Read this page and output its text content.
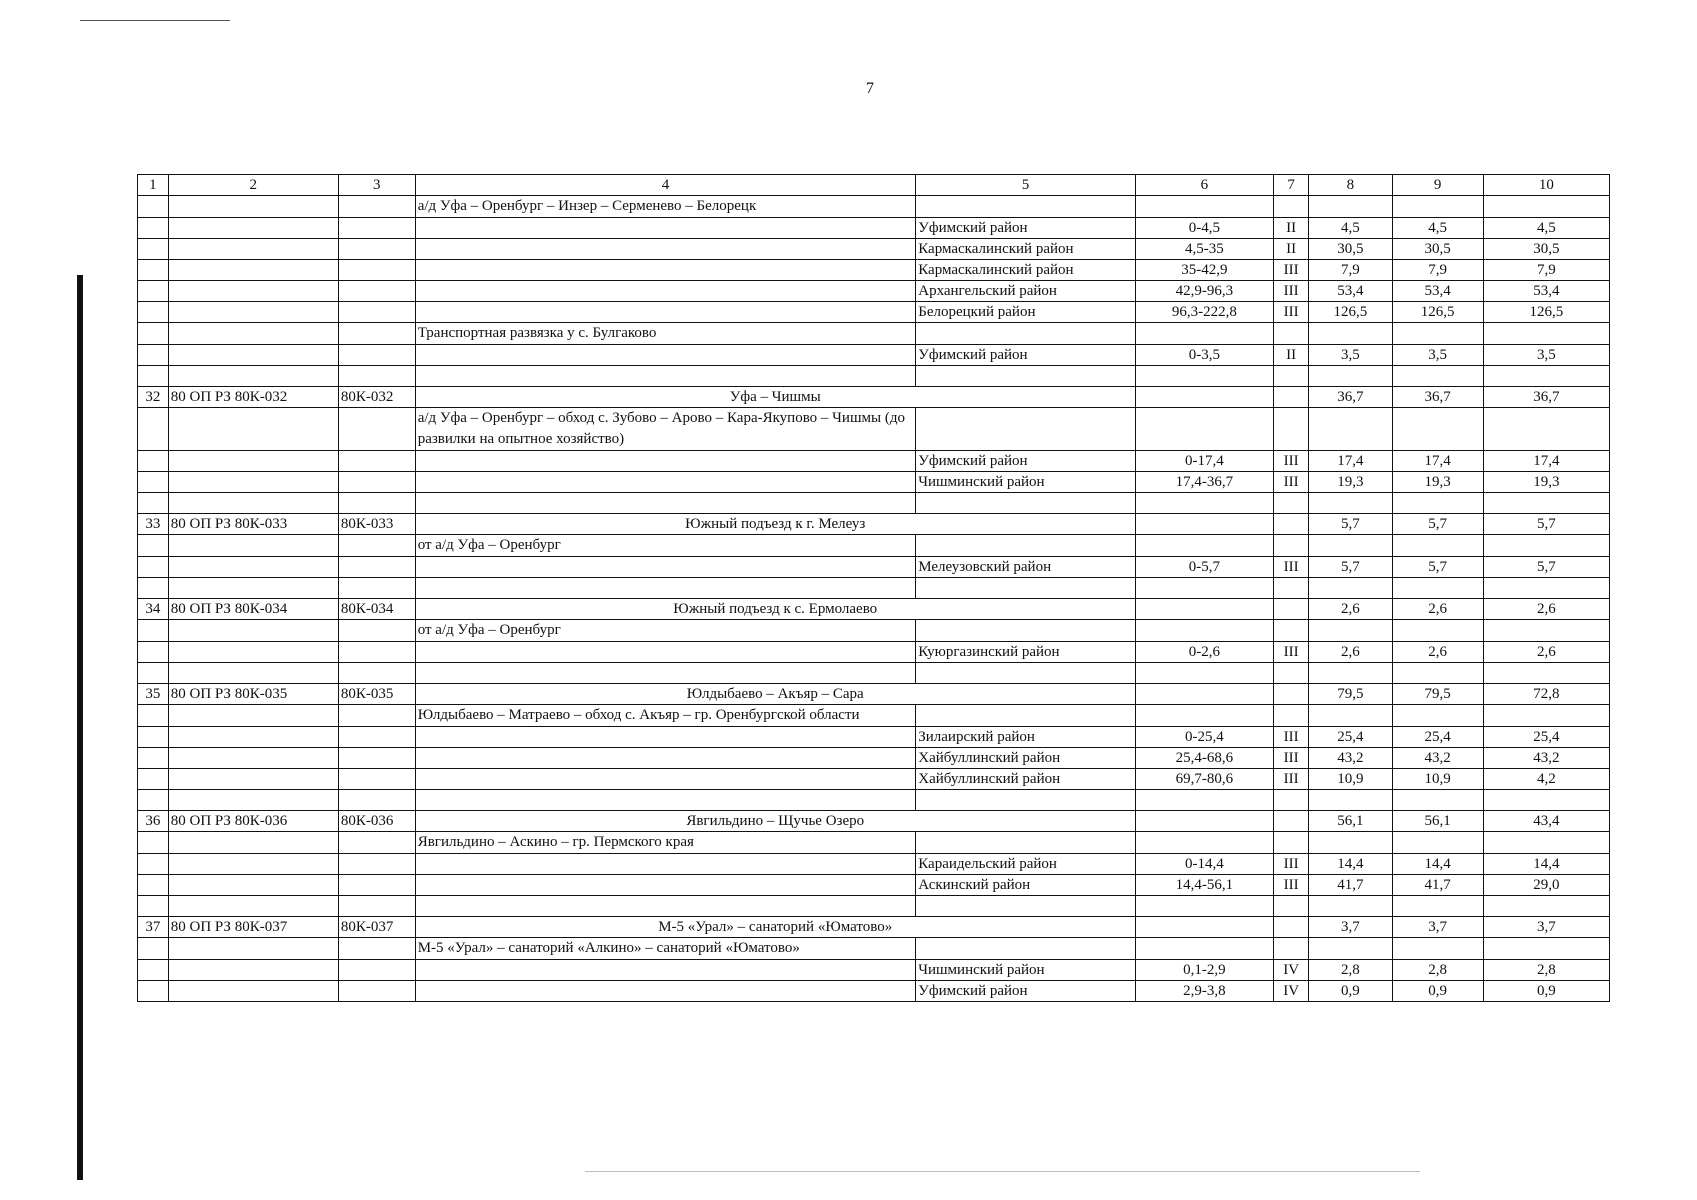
7
1	2	3	4	5	6	7	8	9	10
			а/д Уфа – Оренбург – Инзер – Серменево – Белорецк						
				Уфимский район	0-4,5	II	4,5	4,5	4,5
				Кармаскалинский район	4,5-35	II	30,5	30,5	30,5
				Кармаскалинский район	35-42,9	III	7,9	7,9	7,9
				Архангельский район	42,9-96,3	III	53,4	53,4	53,4
				Белорецкий район	96,3-222,8	III	126,5	126,5	126,5
			Транспортная развязка у с. Булгаково						
				Уфимский район	0-3,5	II	3,5	3,5	3,5

32	80 ОП РЗ 80К-032	80К-032	Уфа – Чишмы				36,7	36,7	36,7
			а/д Уфа – Оренбург – обход с. Зубово – Арово – Кара-Якупово – Чишмы (до развилки на опытное хозяйство)						
				Уфимский район	0-17,4	III	17,4	17,4	17,4
				Чишминский район	17,4-36,7	III	19,3	19,3	19,3

33	80 ОП РЗ 80К-033	80К-033	Южный подъезд к г. Мелеуз				5,7	5,7	5,7
			от а/д Уфа – Оренбург						
				Мелеузовский район	0-5,7	III	5,7	5,7	5,7

34	80 ОП РЗ 80К-034	80К-034	Южный подъезд к с. Ермолаево				2,6	2,6	2,6
			от а/д Уфа – Оренбург						
				Куюргазинский район	0-2,6	III	2,6	2,6	2,6

35	80 ОП РЗ 80К-035	80К-035	Юлдыбаево – Акъяр – Сара				79,5	79,5	72,8
			Юлдыбаево – Матраево – обход с. Акъяр – гр. Оренбургской области						
				Зилаирский район	0-25,4	III	25,4	25,4	25,4
				Хайбуллинский район	25,4-68,6	III	43,2	43,2	43,2
				Хайбуллинский район	69,7-80,6	III	10,9	10,9	4,2

36	80 ОП РЗ 80К-036	80К-036	Явгильдино – Щучье Озеро				56,1	56,1	43,4
			Явгильдино – Аскино – гр. Пермского края						
				Караидельский район	0-14,4	III	14,4	14,4	14,4
				Аскинский район	14,4-56,1	III	41,7	41,7	29,0

37	80 ОП РЗ 80К-037	80К-037	М-5 «Урал» – санаторий «Юматово»				3,7	3,7	3,7
			М-5 «Урал» – санаторий «Алкино» – санаторий «Юматово»						
				Чишминский район	0,1-2,9	IV	2,8	2,8	2,8
				Уфимский район	2,9-3,8	IV	0,9	0,9	0,9
